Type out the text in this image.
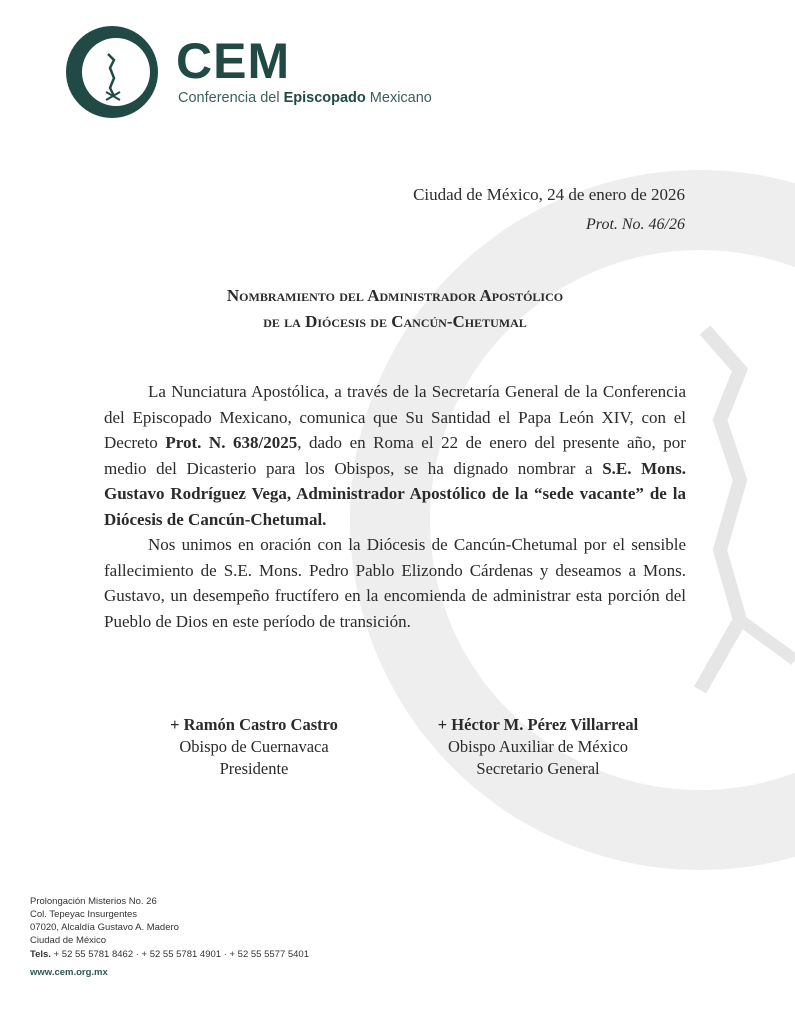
CEM
Conferencia del Episcopado Mexicano
Ciudad de México, 24 de enero de 2026
Prot. No. 46/26
Nombramiento del Administrador Apostólico
de la Diócesis de Cancún-Chetumal

La Nunciatura Apostólica, a través de la Secretaría General de la Conferencia del Episcopado Mexicano, comunica que Su Santidad el Papa León XIV, con el Decreto Prot. N. 638/2025, dado en Roma el 22 de enero del presente año, por medio del Dicasterio para los Obispos, se ha dignado nombrar a S.E. Mons. Gustavo Rodríguez Vega, Administrador Apostólico de la “sede vacante” de la Diócesis de Cancún-Chetumal.

Nos unimos en oración con la Diócesis de Cancún-Chetumal por el sensible fallecimiento de S.E. Mons. Pedro Pablo Elizondo Cárdenas y deseamos a Mons. Gustavo, un desempeño fructífero en la encomienda de administrar esta porción del Pueblo de Dios en este período de transición.

+ Ramón Castro Castro
Obispo de Cuernavaca
Presidente
+ Héctor M. Pérez Villarreal
Obispo Auxiliar de México
Secretario General
Prolongación Misterios No. 26
Col. Tepeyac Insurgentes
07020, Alcaldía Gustavo A. Madero
Ciudad de México
Tels. + 52 55 5781 8462 · + 52 55 5781 4901 · + 52 55 5577 5401
www.cem.org.mx
